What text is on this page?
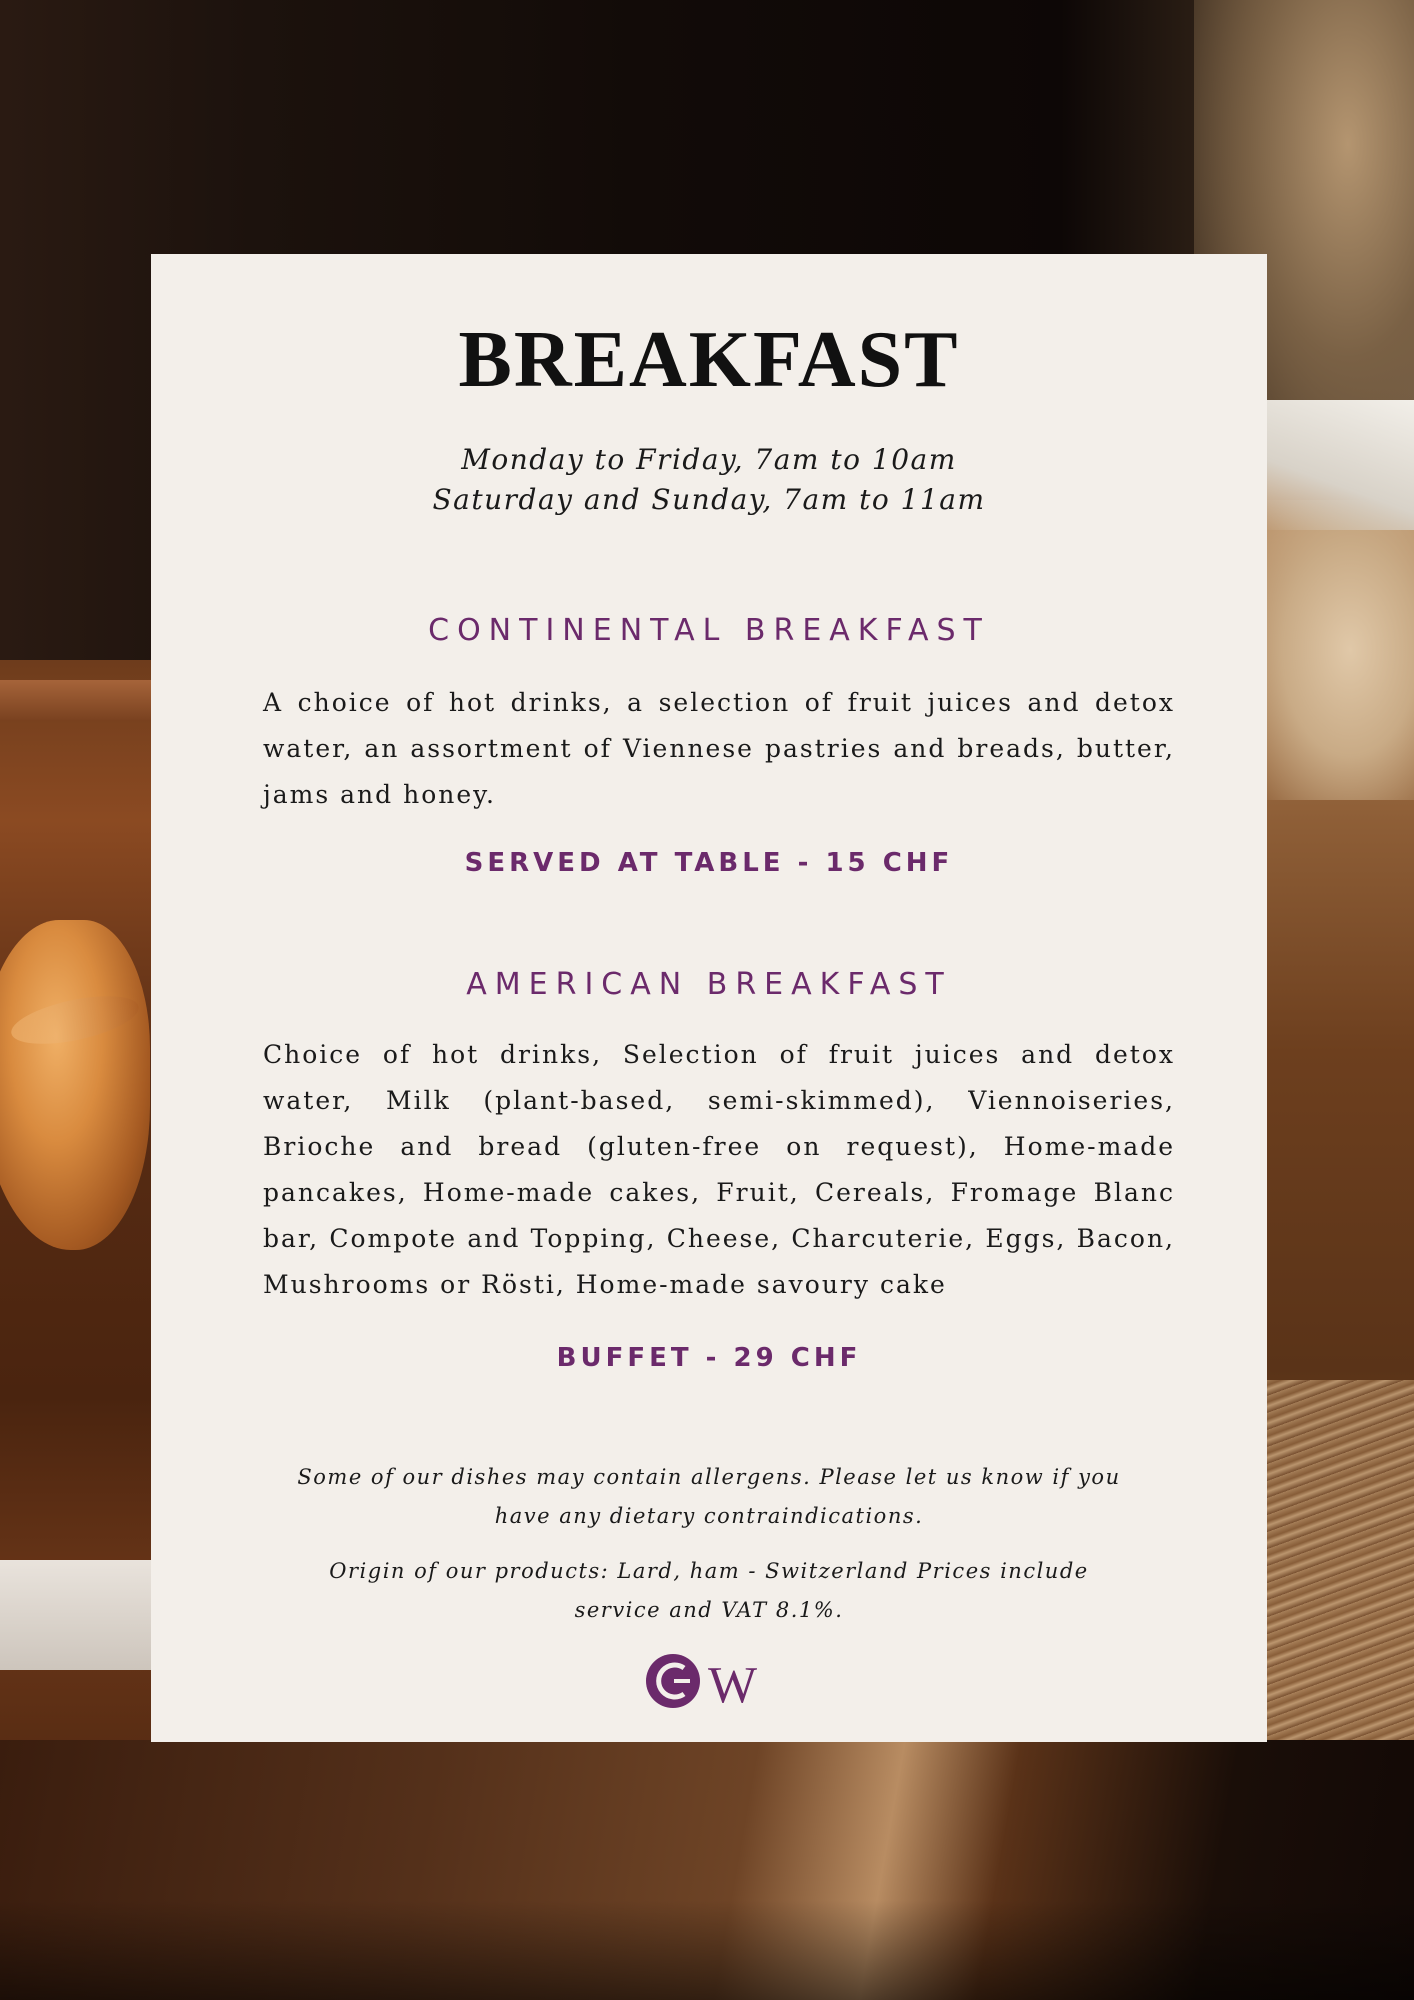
BREAKFAST
Monday to Friday, 7am to 10am
Saturday and Sunday, 7am to 11am
CONTINENTAL BREAKFAST

A choice of hot drinks, a selection of fruit juices and detox water, an assortment of Viennese pastries and breads, butter, jams and honey.

SERVED AT TABLE - 15 CHF
AMERICAN BREAKFAST

Choice of hot drinks, Selection of fruit juices and detox water, Milk (plant-based, semi-skimmed), Viennoiseries, Brioche and bread (gluten-free on request), Home-made pancakes, Home-made cakes, Fruit, Cereals, Fromage Blanc bar, Compote and Topping, Cheese, Charcuterie, Eggs, Bacon, Mushrooms or Rösti, Home-made savoury cake

BUFFET - 29 CHF

Some of our dishes may contain allergens. Please let us know if you have any dietary contraindications.

Origin of our products: Lard, ham - Switzerland Prices include service and VAT 8.1%.

W
